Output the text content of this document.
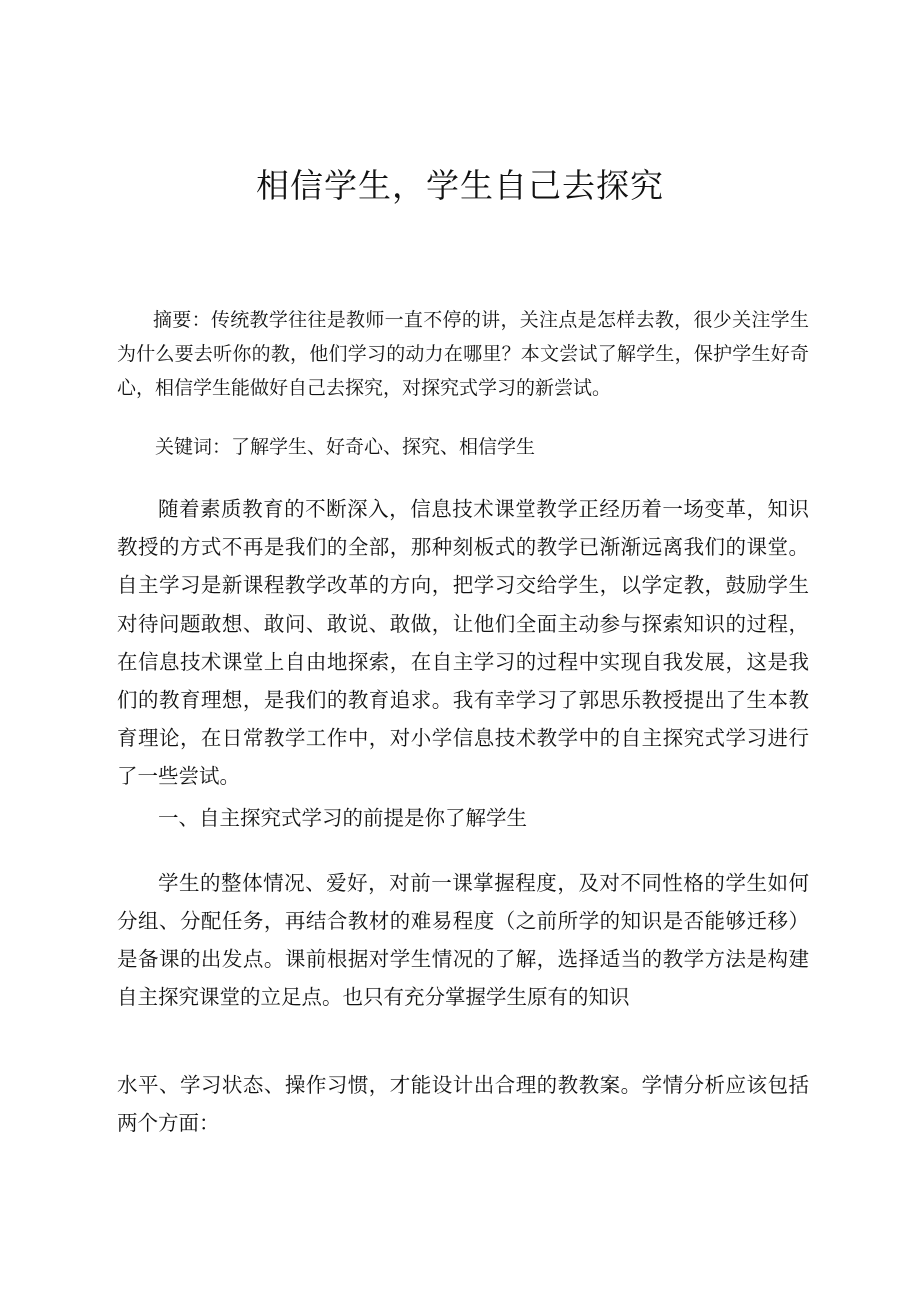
相信学生，学生自己去探究

摘要：传统教学往往是教师一直不停的讲，关注点是怎样去教，很少关注学生为什么要去听你的教，他们学习的动力在哪里？本文尝试了解学生，保护学生好奇心，相信学生能做好自己去探究，对探究式学习的新尝试。

关键词：了解学生、好奇心、探究、相信学生

随着素质教育的不断深入，信息技术课堂教学正经历着一场变革，知识教授的方式不再是我们的全部，那种刻板式的教学已渐渐远离我们的课堂。自主学习是新课程教学改革的方向，把学习交给学生，以学定教，鼓励学生对待问题敢想、敢问、敢说、敢做，让他们全面主动参与探索知识的过程，在信息技术课堂上自由地探索，在自主学习的过程中实现自我发展，这是我们的教育理想，是我们的教育追求。我有幸学习了郭思乐教授提出了生本教育理论，在日常教学工作中，对小学信息技术教学中的自主探究式学习进行了一些尝试。

一、自主探究式学习的前提是你了解学生

学生的整体情况、爱好，对前一课掌握程度，及对不同性格的学生如何分组、分配任务，再结合教材的难易程度（之前所学的知识是否能够迁移）是备课的出发点。课前根据对学生情况的了解，选择适当的教学方法是构建自主探究课堂的立足点。也只有充分掌握学生原有的知识

水平、学习状态、操作习惯，才能设计出合理的教教案。学情分析应该包括两个方面：
